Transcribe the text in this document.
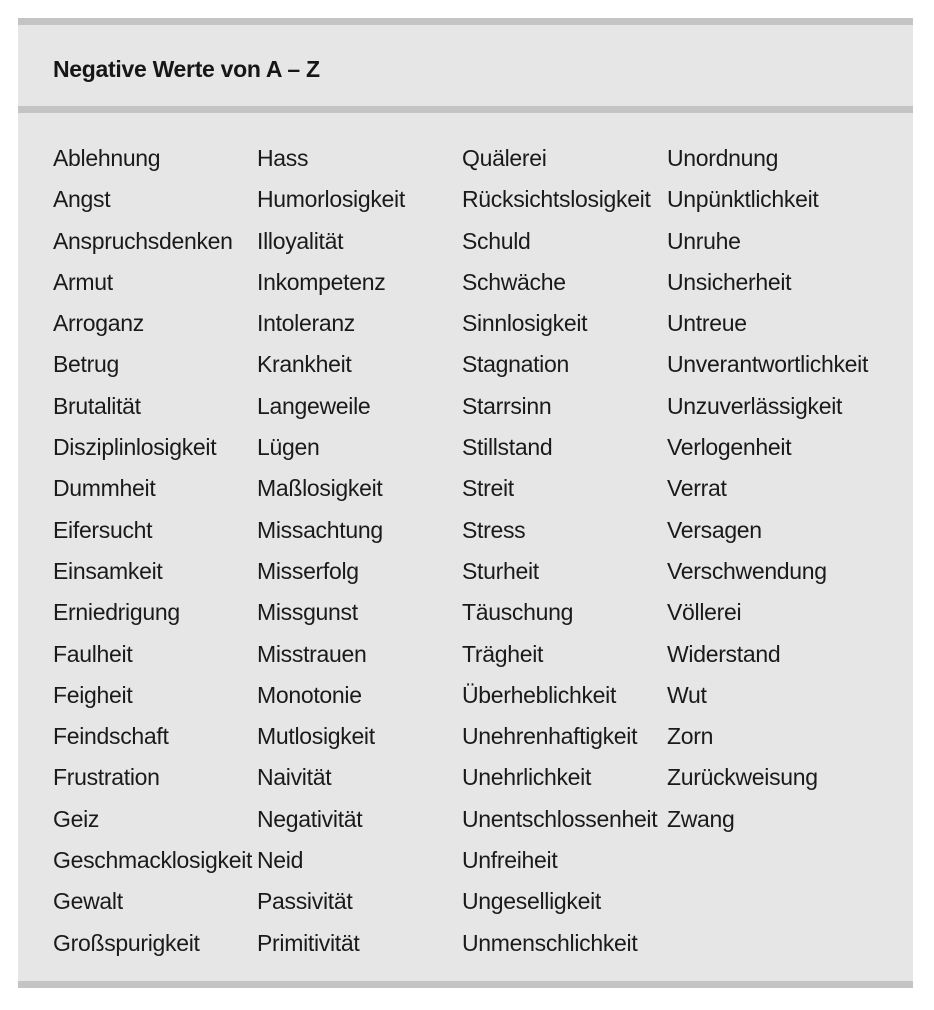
Negative Werte von A – Z
Ablehnung
Angst
Anspruchsdenken
Armut
Arroganz
Betrug
Brutalität
Disziplinlosigkeit
Dummheit
Eifersucht
Einsamkeit
Erniedrigung
Faulheit
Feigheit
Feindschaft
Frustration
Geiz
Geschmacklosigkeit
Gewalt
Großspurigkeit
Hass
Humorlosigkeit
Illoyalität
Inkompetenz
Intoleranz
Krankheit
Langeweile
Lügen
Maßlosigkeit
Missachtung
Misserfolg
Missgunst
Misstrauen
Monotonie
Mutlosigkeit
Naivität
Negativität
Neid
Passivität
Primitivität
Quälerei
Rücksichtslosigkeit
Schuld
Schwäche
Sinnlosigkeit
Stagnation
Starrsinn
Stillstand
Streit
Stress
Sturheit
Täuschung
Trägheit
Überheblichkeit
Unehrenhaftigkeit
Unehrlichkeit
Unentschlossenheit
Unfreiheit
Ungeselligkeit
Unmenschlichkeit
Unordnung
Unpünktlichkeit
Unruhe
Unsicherheit
Untreue
Unverantwortlichkeit
Unzuverlässigkeit
Verlogenheit
Verrat
Versagen
Verschwendung
Völlerei
Widerstand
Wut
Zorn
Zurückweisung
Zwang
